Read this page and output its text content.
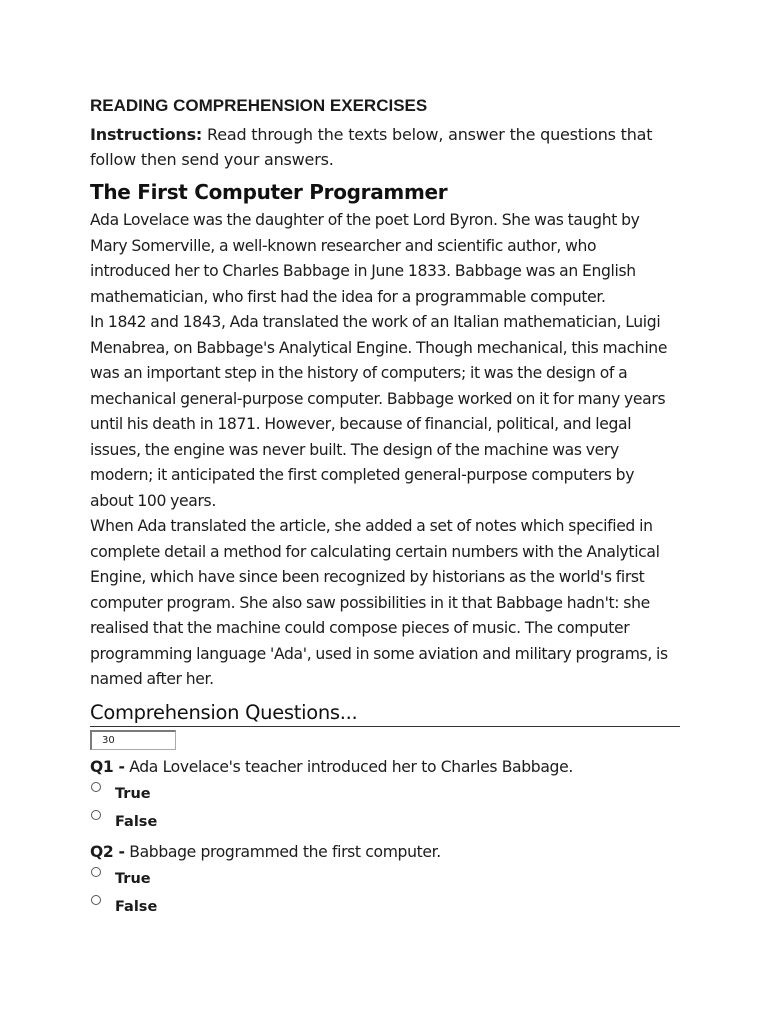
READING COMPREHENSION EXERCISES

Instructions: Read through the texts below, answer the questions that follow then send your answers.

The First Computer Programmer

Ada Lovelace was the daughter of the poet Lord Byron. She was taught by Mary Somerville, a well-known researcher and scientific author, who introduced her to Charles Babbage in June 1833. Babbage was an English mathematician, who first had the idea for a programmable computer.

In 1842 and 1843, Ada translated the work of an Italian mathematician, Luigi Menabrea, on Babbage's Analytical Engine. Though mechanical, this machine was an important step in the history of computers; it was the design of a mechanical general-purpose computer. Babbage worked on it for many years until his death in 1871. However, because of financial, political, and legal issues, the engine was never built. The design of the machine was very modern; it anticipated the first completed general-purpose computers by about 100 years.

When Ada translated the article, she added a set of notes which specified in complete detail a method for calculating certain numbers with the Analytical Engine, which have since been recognized by historians as the world's first computer program. She also saw possibilities in it that Babbage hadn't: she realised that the machine could compose pieces of music. The computer programming language 'Ada', used in some aviation and military programs, is named after her.

Comprehension Questions...
30

Q1 - Ada Lovelace's teacher introduced her to Charles Babbage.

True
False

Q2 - Babbage programmed the first computer.

True
False
